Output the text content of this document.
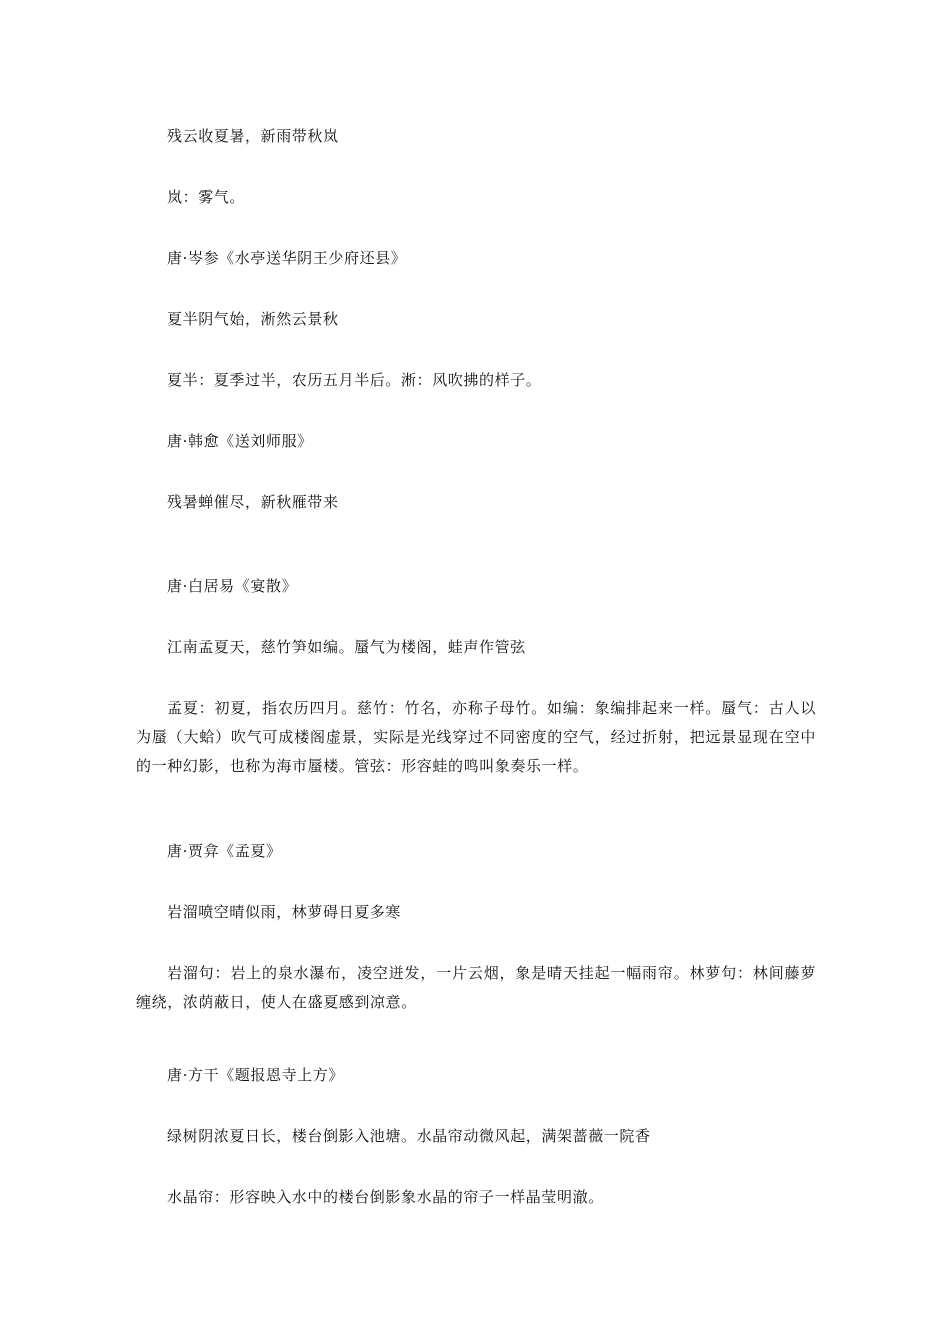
残云收夏暑，新雨带秋岚

岚：雾气。

唐·岑参《水亭送华阴王少府还县》

夏半阴气始，淅然云景秋

夏半：夏季过半，农历五月半后。淅：风吹拂的样子。

唐·韩愈《送刘师服》

残暑蝉催尽，新秋雁带来

唐·白居易《宴散》

江南孟夏天，慈竹笋如编。蜃气为楼阁，蛙声作管弦

孟夏：初夏，指农历四月。慈竹：竹名，亦称子母竹。如编：象编排起来一样。蜃气：古人以为蜃（大蛤）吹气可成楼阁虚景，实际是光线穿过不同密度的空气，经过折射，把远景显现在空中的一种幻影，也称为海市蜃楼。管弦：形容蛙的鸣叫象奏乐一样。

唐·贾弇《孟夏》

岩溜喷空晴似雨，林萝碍日夏多寒

岩溜句：岩上的泉水瀑布，凌空迸发，一片云烟，象是晴天挂起一幅雨帘。林萝句：林间藤萝缠绕，浓荫蔽日，使人在盛夏感到凉意。

唐·方干《题报恩寺上方》

绿树阴浓夏日长，楼台倒影入池塘。水晶帘动微风起，满架蔷薇一院香

水晶帘：形容映入水中的楼台倒影象水晶的帘子一样晶莹明澈。
